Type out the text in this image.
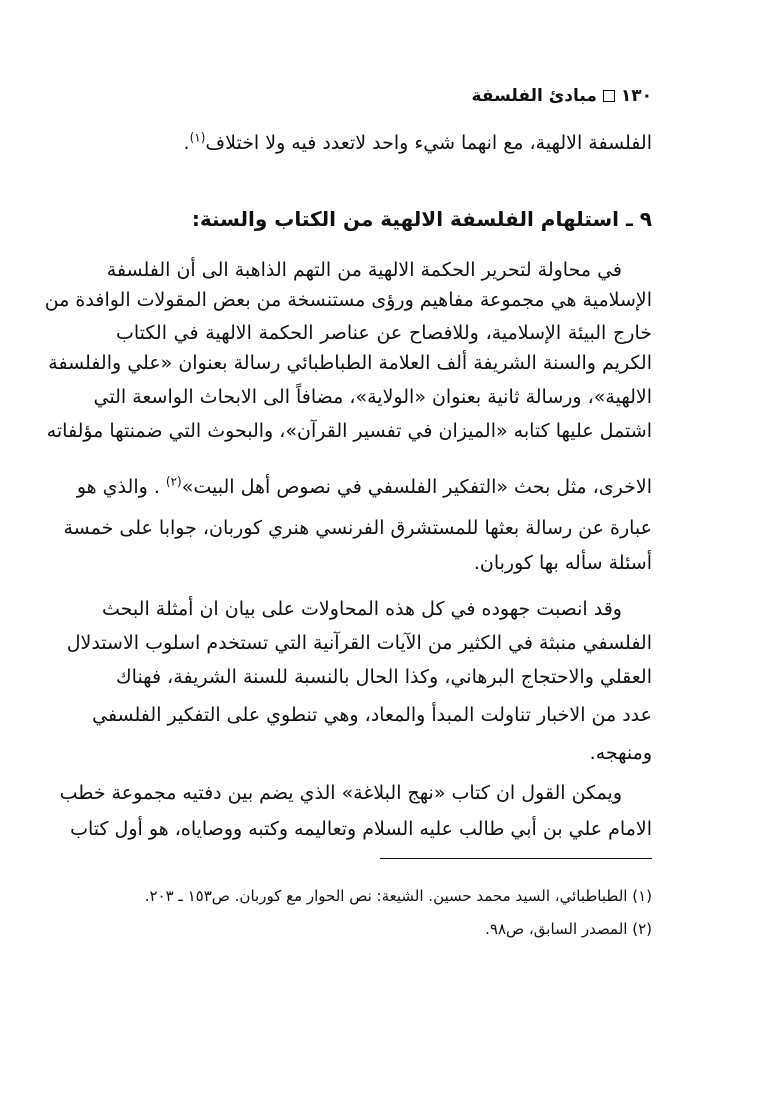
١٣٠مبادئ الفلسفة
الفلسفة الالهية، مع انهما شيء واحد لاتعدد فيه ولا اختلاف$^{(١)}$.
٩ ـ استلهام الفلسفة الالهية من الكتاب والسنة:
في محاولة لتحرير الحكمة الالهية من التهم الذاهبة الى أن الفلسفة
الإسلامية هي مجموعة مفاهيم ورؤى مستنسخة من بعض المقولات الوافدة من
خارج البيئة الإسلامية، وللافصاح عن عناصر الحكمة الالهية في الكتاب
الكريم والسنة الشريفة ألف العلامة الطباطبائي رسالة بعنوان «علي والفلسفة
الالهية»، ورسالة ثانية بعنوان «الولاية»، مضافاً الى الابحاث الواسعة التي
اشتمل عليها كتابه «الميزان في تفسير القرآن»، والبحوث التي ضمنتها مؤلفاته
الاخرى، مثل بحث «التفكير الفلسفي في نصوص أهل البيت»$^{(٢)}$ . والذي هو
عبارة عن رسالة بعثها للمستشرق الفرنسي هنري كوربان، جوابا على خمسة
أسئلة سأله بها كوربان.
وقد انصبت جهوده في كل هذه المحاولات على بيان ان أمثلة البحث
الفلسفي منبثة في الكثير من الآيات القرآنية التي تستخدم اسلوب الاستدلال
العقلي والاحتجاج البرهاني، وكذا الحال بالنسبة للسنة الشريفة، فهناك
عدد من الاخبار تناولت المبدأ والمعاد، وهي تنطوي على التفكير الفلسفي
ومنهجه.
ويمكن القول ان كتاب «نهج البلاغة» الذي يضم بين دفتيه مجموعة خطب
الامام علي بن أبي طالب عليه السلام وتعاليمه وكتبه ووصاياه، هو أول كتاب
(١) الطباطبائي، السيد محمد حسين. الشيعة: نص الحوار مع كوربان. ص١٥٣ ـ ٢٠٣.
(٢) المصدر السابق، ص٩٨.
